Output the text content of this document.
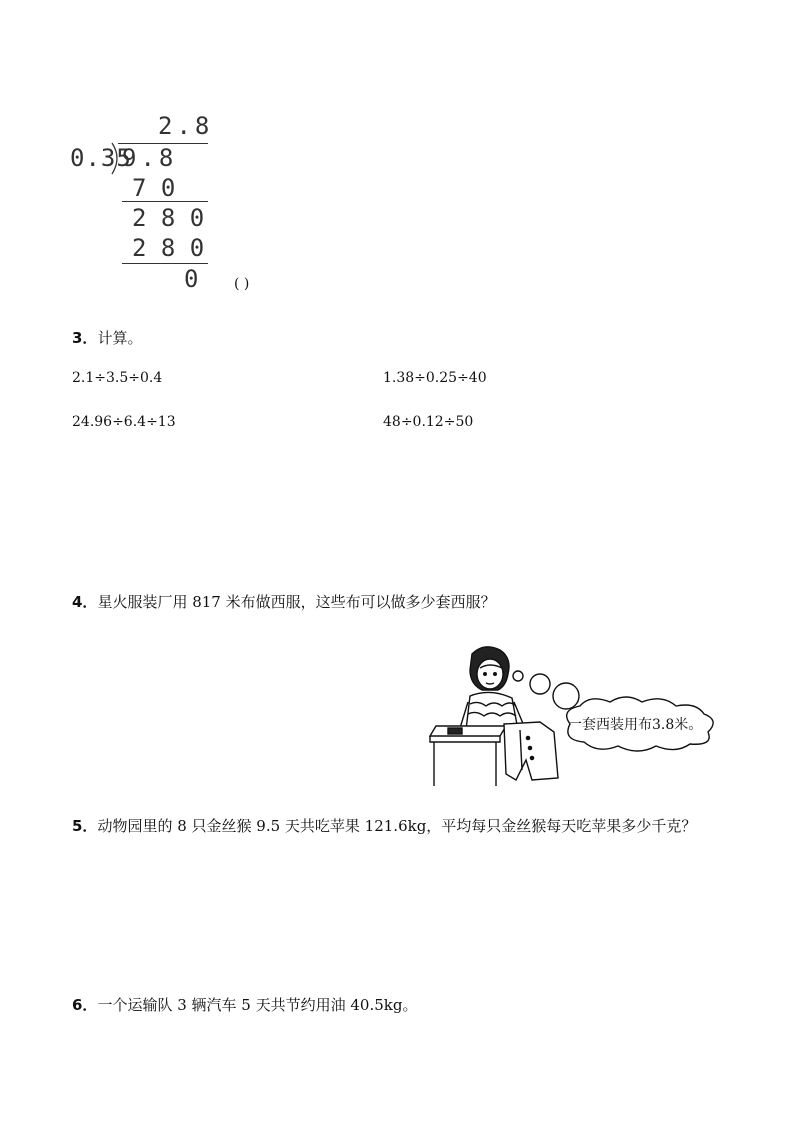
2.8
0.35
9.8
7 0
2 8 0
2 8 0
0 ( )
3．计算。
2.1÷3.5÷0.4	1.38÷0.25÷40
24.96÷6.4÷13	48÷0.12÷50
4．星火服装厂用 817 米布做西服，这些布可以做多少套西服？
一套西装用布3.8米。
5．动物园里的 8 只金丝猴 9.5 天共吃苹果 121.6kg，平均每只金丝猴每天吃苹果多少千克？
6．一个运输队 3 辆汽车 5 天共节约用油 40.5kg。
